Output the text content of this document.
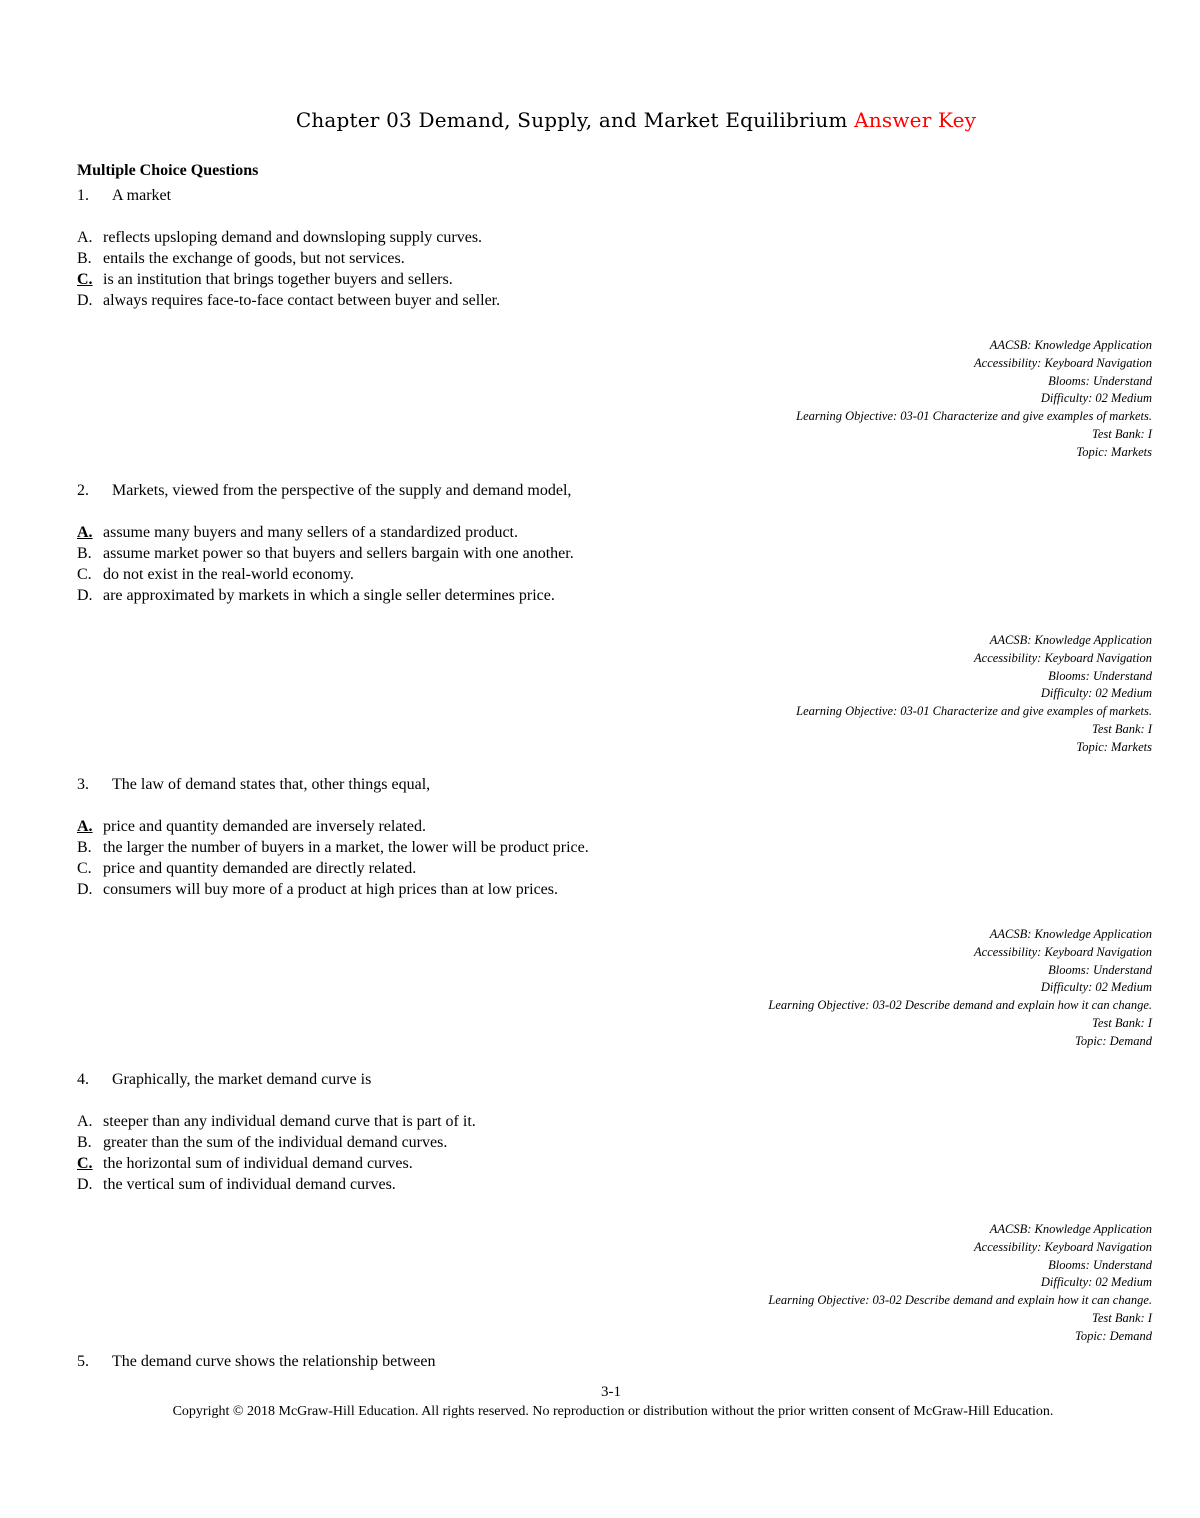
Chapter 03 Demand, Supply, and Market Equilibrium Answer Key
Multiple Choice Questions
1. A market
A. reflects upsloping demand and downsloping supply curves.
B. entails the exchange of goods, but not services.
C. is an institution that brings together buyers and sellers.
D. always requires face-to-face contact between buyer and seller.
AACSB: Knowledge Application
Accessibility: Keyboard Navigation
Blooms: Understand
Difficulty: 02 Medium
Learning Objective: 03-01 Characterize and give examples of markets.
Test Bank: I
Topic: Markets
2. Markets, viewed from the perspective of the supply and demand model,
A. assume many buyers and many sellers of a standardized product.
B. assume market power so that buyers and sellers bargain with one another.
C. do not exist in the real-world economy.
D. are approximated by markets in which a single seller determines price.
AACSB: Knowledge Application
Accessibility: Keyboard Navigation
Blooms: Understand
Difficulty: 02 Medium
Learning Objective: 03-01 Characterize and give examples of markets.
Test Bank: I
Topic: Markets
3. The law of demand states that, other things equal,
A. price and quantity demanded are inversely related.
B. the larger the number of buyers in a market, the lower will be product price.
C. price and quantity demanded are directly related.
D. consumers will buy more of a product at high prices than at low prices.
AACSB: Knowledge Application
Accessibility: Keyboard Navigation
Blooms: Understand
Difficulty: 02 Medium
Learning Objective: 03-02 Describe demand and explain how it can change.
Test Bank: I
Topic: Demand
4. Graphically, the market demand curve is
A. steeper than any individual demand curve that is part of it.
B. greater than the sum of the individual demand curves.
C. the horizontal sum of individual demand curves.
D. the vertical sum of individual demand curves.
AACSB: Knowledge Application
Accessibility: Keyboard Navigation
Blooms: Understand
Difficulty: 02 Medium
Learning Objective: 03-02 Describe demand and explain how it can change.
Test Bank: I
Topic: Demand
5. The demand curve shows the relationship between
3-1
Copyright © 2018 McGraw-Hill Education. All rights reserved. No reproduction or distribution without the prior written consent of McGraw-Hill Education.
